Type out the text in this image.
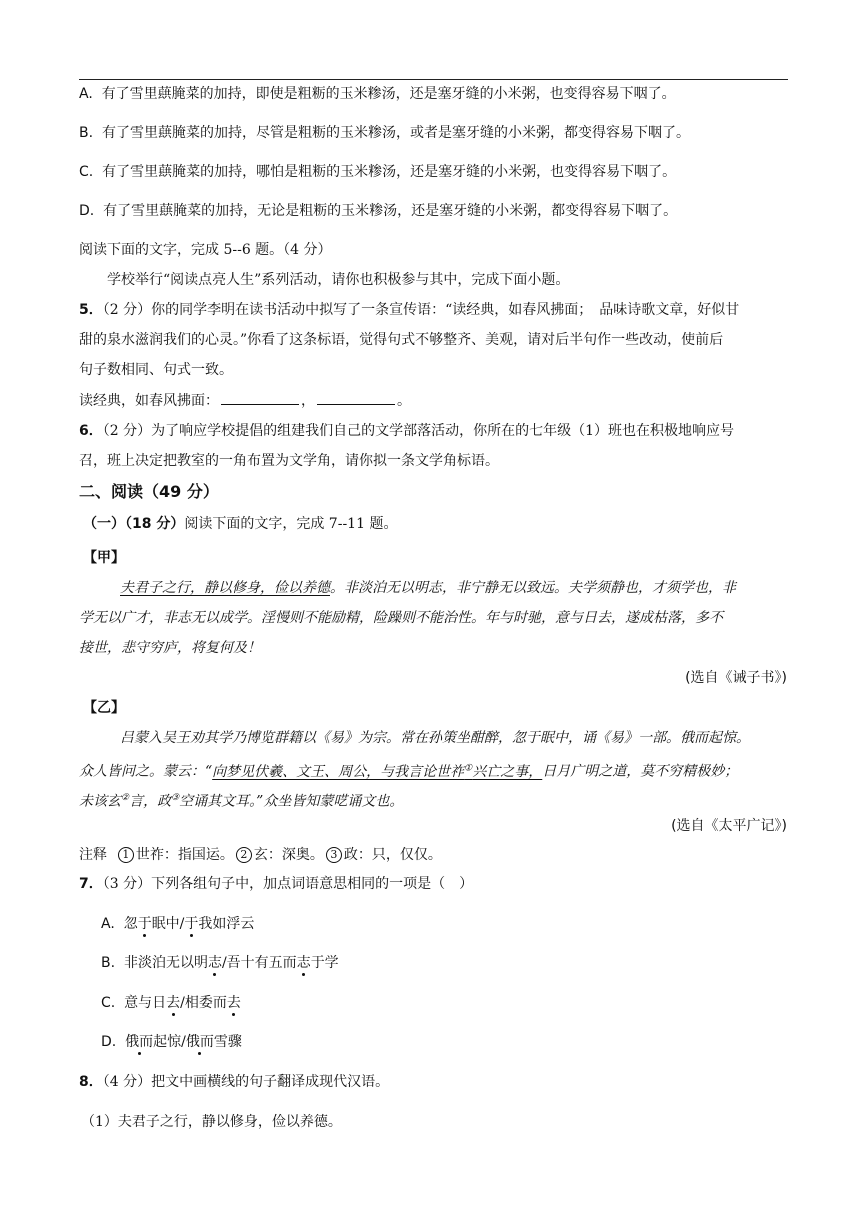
A. 有了雪里蕻腌菜的加持，即使是粗粝的玉米糁汤，还是塞牙缝的小米粥，也变得容易下咽了。
B. 有了雪里蕻腌菜的加持，尽管是粗粝的玉米糁汤，或者是塞牙缝的小米粥，都变得容易下咽了。
C. 有了雪里蕻腌菜的加持，哪怕是粗粝的玉米糁汤，还是塞牙缝的小米粥，也变得容易下咽了。
D. 有了雪里蕻腌菜的加持，无论是粗粝的玉米糁汤，还是塞牙缝的小米粥，都变得容易下咽了。
阅读下面的文字，完成 5--6 题。（4 分）
学校举行“阅读点亮人生”系列活动，请你也积极参与其中，完成下面小题。
5．（2 分）你的同学李明在读书活动中拟写了一条宣传语：“读经典，如春风拂面；　品味诗歌文章，好似甘
甜的泉水滋润我们的心灵。”你看了这条标语，觉得句式不够整齐、美观，请对后半句作一些改动，使前后
句子数相同、句式一致。
读经典，如春风拂面：	，	。
6．（2 分）为了响应学校提倡的组建我们自己的文学部落活动，你所在的七年级（1）班也在积极地响应号
召，班上决定把教室的一角布置为文学角，请你拟一条文学角标语。
二、阅读（49 分）
（一）（18 分）阅读下面的文字，完成 7--11 题。
【甲】
夫君子之行，静以修身，俭以养德。非淡泊无以明志，非宁静无以致远。夫学须静也，才须学也，非
学无以广才，非志无以成学。淫慢则不能励精，险躁则不能治性。年与时驰，意与日去，遂成枯落，多不
接世，悲守穷庐，将复何及！
(选自《诫子书》)
【乙】
吕蒙入吴王劝其学乃博览群籍以《易》为宗。常在孙策坐酣醉，忽于眠中，诵《易》一部。俄而起惊。
众人皆问之。蒙云：“向梦见伏羲、文王、周公，与我言论世祚①兴亡之事，日月广明之道，莫不穷精极妙；
未该玄②言，政③空诵其文耳。”众坐皆知蒙呓诵文也。
(选自《太平广记》)
注释 1 世祚：指国运。 2 玄：深奥。 3 政：只，仅仅。
7．（3 分）下列各组句子中，加点词语意思相同的一项是（　）
A. 忽于眠中/于我如浮云
B. 非淡泊无以明志/吾十有五而志于学
C. 意与日去/相委而去
D. 俄而起惊/俄而雪骤
8．（4 分）把文中画横线的句子翻译成现代汉语。
（1）夫君子之行，静以修身，俭以养德。
